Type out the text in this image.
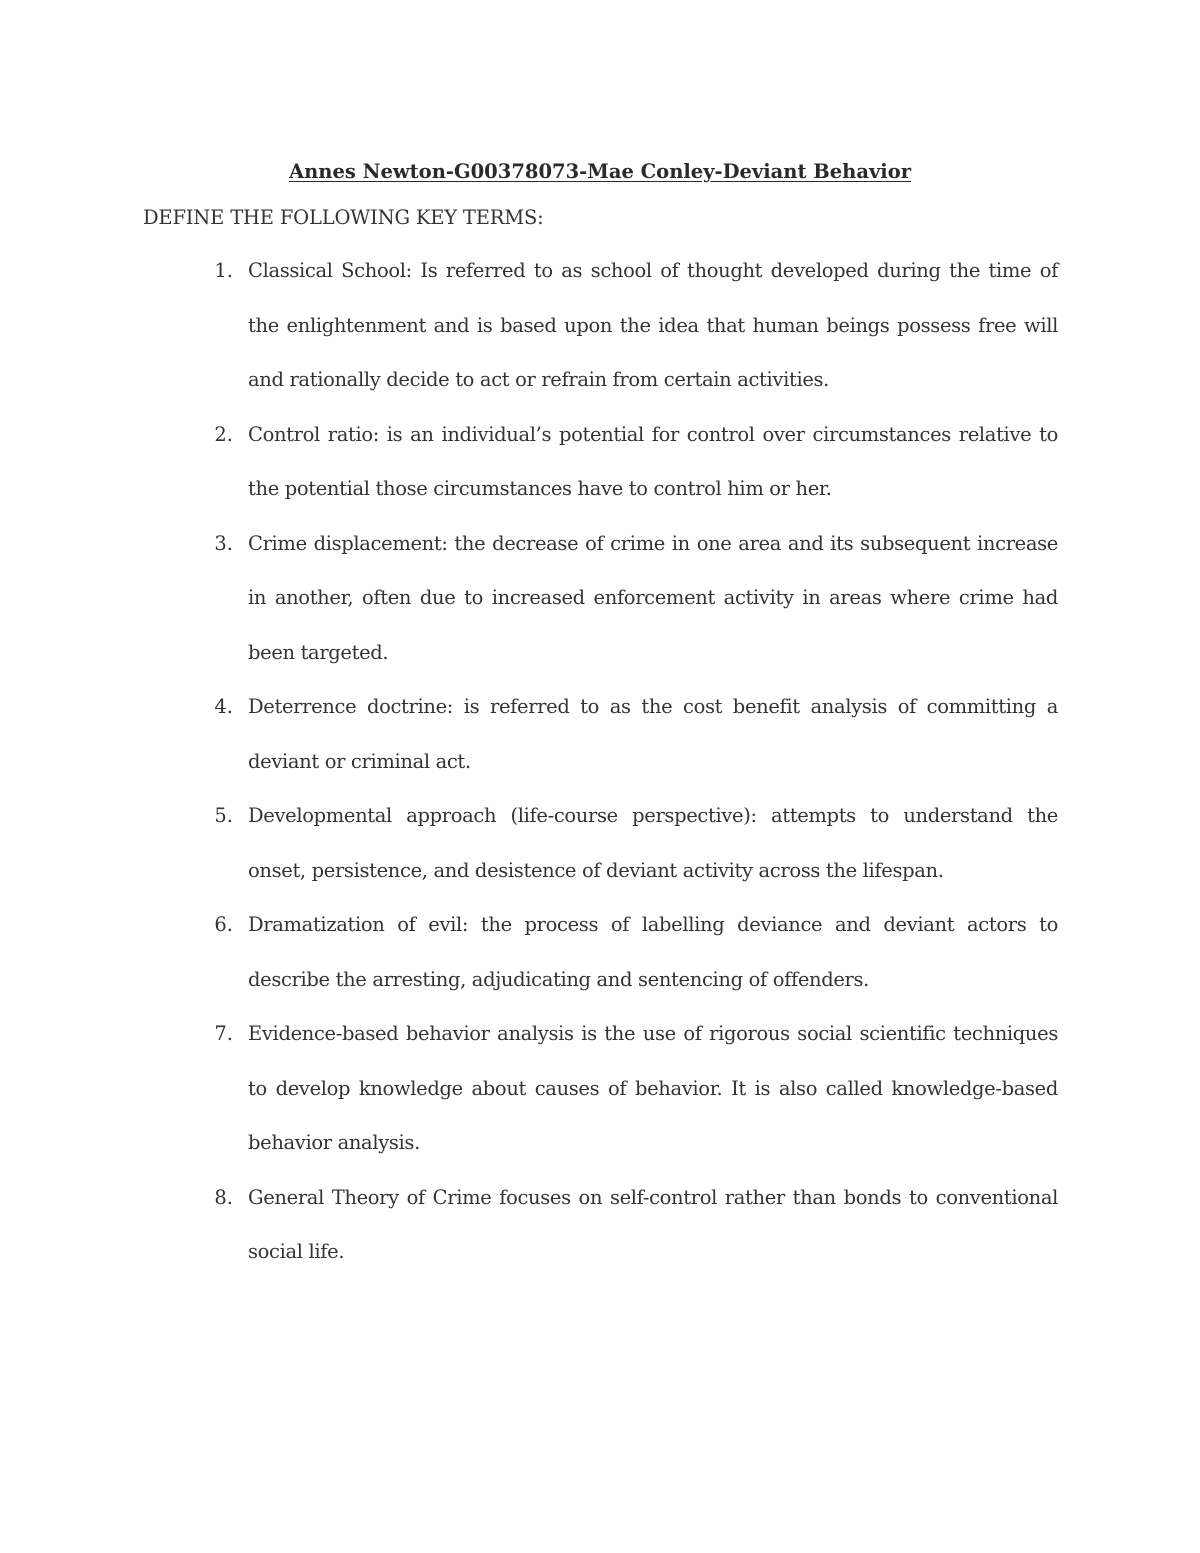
Annes Newton-G00378073-Mae Conley-Deviant Behavior

DEFINE THE FOLLOWING KEY TERMS:

1. Classical School: Is referred to as school of thought developed during the time of the enlightenment and is based upon the idea that human beings possess free will and rationally decide to act or refrain from certain activities.
2. Control ratio: is an individual’s potential for control over circumstances relative to the potential those circumstances have to control him or her.
3. Crime displacement: the decrease of crime in one area and its subsequent increase in another, often due to increased enforcement activity in areas where crime had been targeted.
4. Deterrence doctrine: is referred to as the cost benefit analysis of committing a deviant or criminal act.
5. Developmental approach (life-course perspective): attempts to understand the onset, persistence, and desistence of deviant activity across the lifespan.
6. Dramatization of evil: the process of labelling deviance and deviant actors to describe the arresting, adjudicating and sentencing of offenders.
7. Evidence-based behavior analysis is the use of rigorous social scientific techniques to develop knowledge about causes of behavior. It is also called knowledge-based behavior analysis.
8. General Theory of Crime focuses on self-control rather than bonds to conventional social life.
